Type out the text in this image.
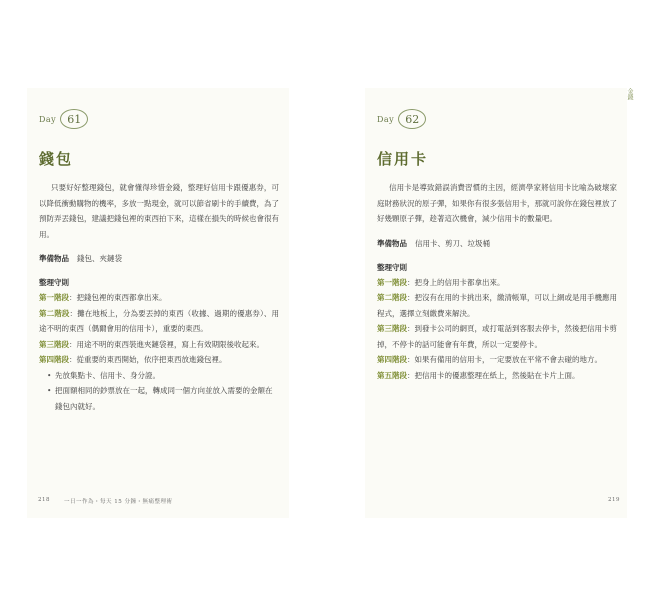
Day	61
錢包
只要好好整理錢包，就會懂得珍惜金錢，整理好信用卡跟優惠券，可以降低衝動購物的機率，多放一點現金，就可以節省刷卡的手續費，為了預防弄丟錢包，建議把錢包裡的東西拍下來，這樣在損失的時候也會很有用。
準備物品 錢包、夾鏈袋
整理守則
第一階段：把錢包裡的東西都拿出來。
第二階段：攤在地板上，分為要丟掉的東西（收據、過期的優惠券）、用途不明的東西（偶爾會用的信用卡），重要的東西。
第三階段：用途不明的東西裝進夾鏈袋裡，寫上有效期限後收起來。
第四階段：從重要的東西開始，依序把東西放進錢包裡。
• 先放集點卡、信用卡、身分證。
• 把面額相同的鈔票放在一起，轉成同一個方向並放入需要的金額在錢包內就好。
Day	62
信用卡
信用卡是導致錯誤消費習慣的主因，經濟學家將信用卡比喻為破壞家庭財務狀況的原子彈，如果你有很多張信用卡，那就可說你在錢包裡放了好幾顆原子彈，趁著這次機會，減少信用卡的數量吧。
準備物品 信用卡、剪刀、垃圾桶
整理守則
第一階段：把身上的信用卡都拿出來。
第二階段：把沒有在用的卡挑出來，繳清帳單，可以上網或是用手機應用程式，選擇立刻繳費來解決。
第三階段：到發卡公司的網頁，或打電話到客服去停卡，然後把信用卡剪掉，不停卡的話可能會有年費，所以一定要停卡。
第四階段：如果有備用的信用卡，一定要放在平常不會去碰的地方。
第五階段：把信用卡的優惠整理在紙上，然後貼在卡片上面。
金錢
218	一日一作為・每天 15 分鐘・無痛整理術	219
